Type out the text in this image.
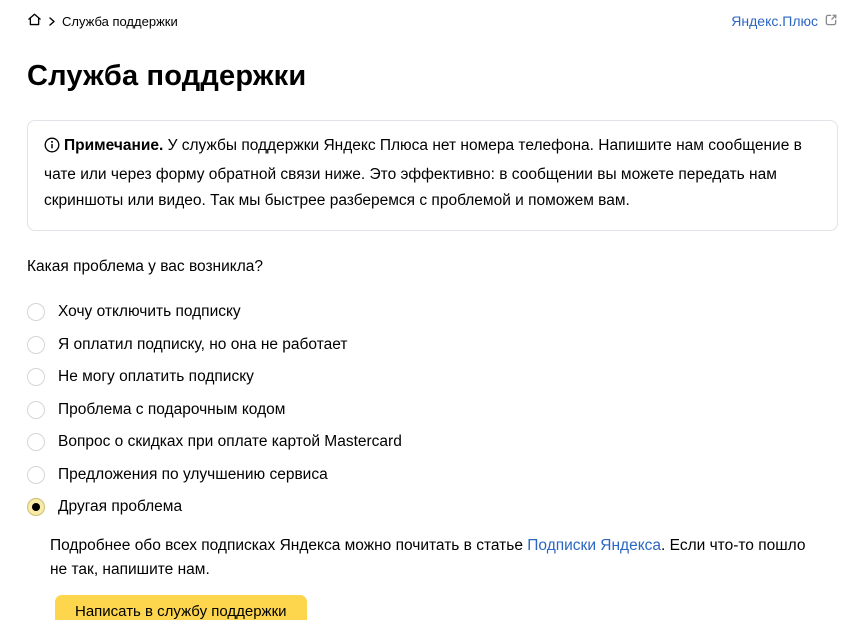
Служба поддержки	Яндекс.Плюс
Служба поддержки
Примечание. У службы поддержки Яндекс Плюса нет номера телефона. Напишите нам сообщение в чате или через форму обратной связи ниже. Это эффективно: в сообщении вы можете передать нам скриншоты или видео. Так мы быстрее разберемся с проблемой и поможем вам.
Какая проблема у вас возникла?
Хочу отключить подписку
Я оплатил подписку, но она не работает
Не могу оплатить подписку
Проблема с подарочным кодом
Вопрос о скидках при оплате картой Mastercard
Предложения по улучшению сервиса
Другая проблема
Подробнее обо всех подписках Яндекса можно почитать в статье Подписки Яндекса. Если что-то пошло не так, напишите нам.
Написать в службу поддержки
